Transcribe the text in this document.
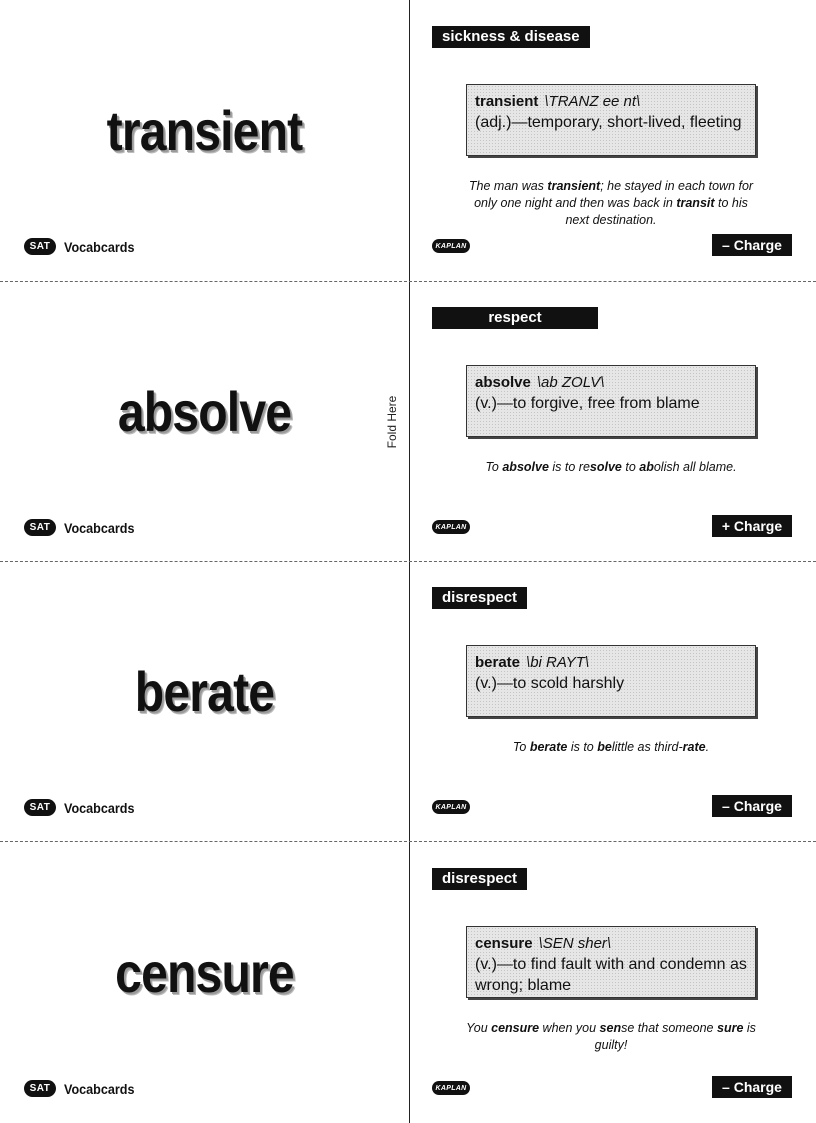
Fold Here
transient
SAT Vocabcards
sickness & disease
transient \TRANZ ee nt\
(adj.)—temporary, short-lived, fleeting
The man was transient; he stayed in each town for only one night and then was back in transit to his next destination.
KAPLAN	– Charge
absolve
SAT Vocabcards
respect
absolve \ab ZOLV\
(v.)—to forgive, free from blame
To absolve is to resolve to abolish all blame.
KAPLAN	+ Charge
berate
SAT Vocabcards
disrespect
berate \bi RAYT\
(v.)—to scold harshly
To berate is to belittle as third-rate.
KAPLAN	– Charge
censure
SAT Vocabcards
disrespect
censure \SEN sher\
(v.)—to find fault with and condemn as wrong; blame
You censure when you sense that someone sure is guilty!
KAPLAN	– Charge
